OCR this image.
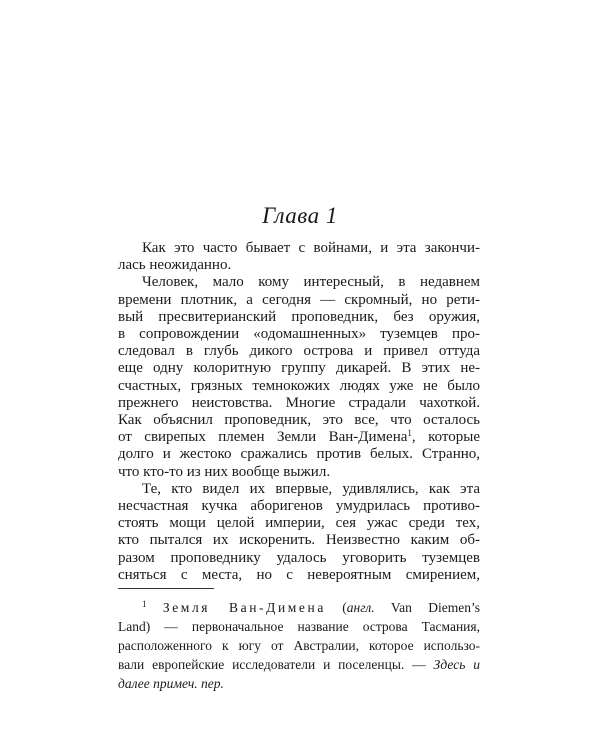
Глава 1
Как это часто бывает с войнами, и эта закончи-
лась неожиданно.
Человек, мало кому интересный, в недавнем
времени плотник, а сегодня — скромный, но рети-
вый пресвитерианский проповедник, без оружия,
в сопровождении «одомашненных» туземцев про-
следовал в глубь дикого острова и привел оттуда
еще одну колоритную группу дикарей. В этих не-
счастных, грязных темнокожих людях уже не было
прежнего неистовства. Многие страдали чахоткой.
Как объяснил проповедник, это все, что осталось
от свирепых племен Земли Ван-Димена$^1$, которые
долго и жестоко сражались против белых. Странно,
что кто-то из них вообще выжил.
Те, кто видел их впервые, удивлялись, как эта
несчастная кучка аборигенов умудрилась противо-
стоять мощи целой империи, сея ужас среди тех,
кто пытался их искоренить. Неизвестно каким об-
разом проповеднику удалось уговорить туземцев
сняться с места, но с невероятным смирением,
$^1$ Земля Ван-Димена (англ. Van Diemen’s
Land) — первоначальное название острова Тасмания,
расположенного к югу от Австралии, которое использо-
вали европейские исследователи и поселенцы. — Здесь и
далее примеч. пер.
